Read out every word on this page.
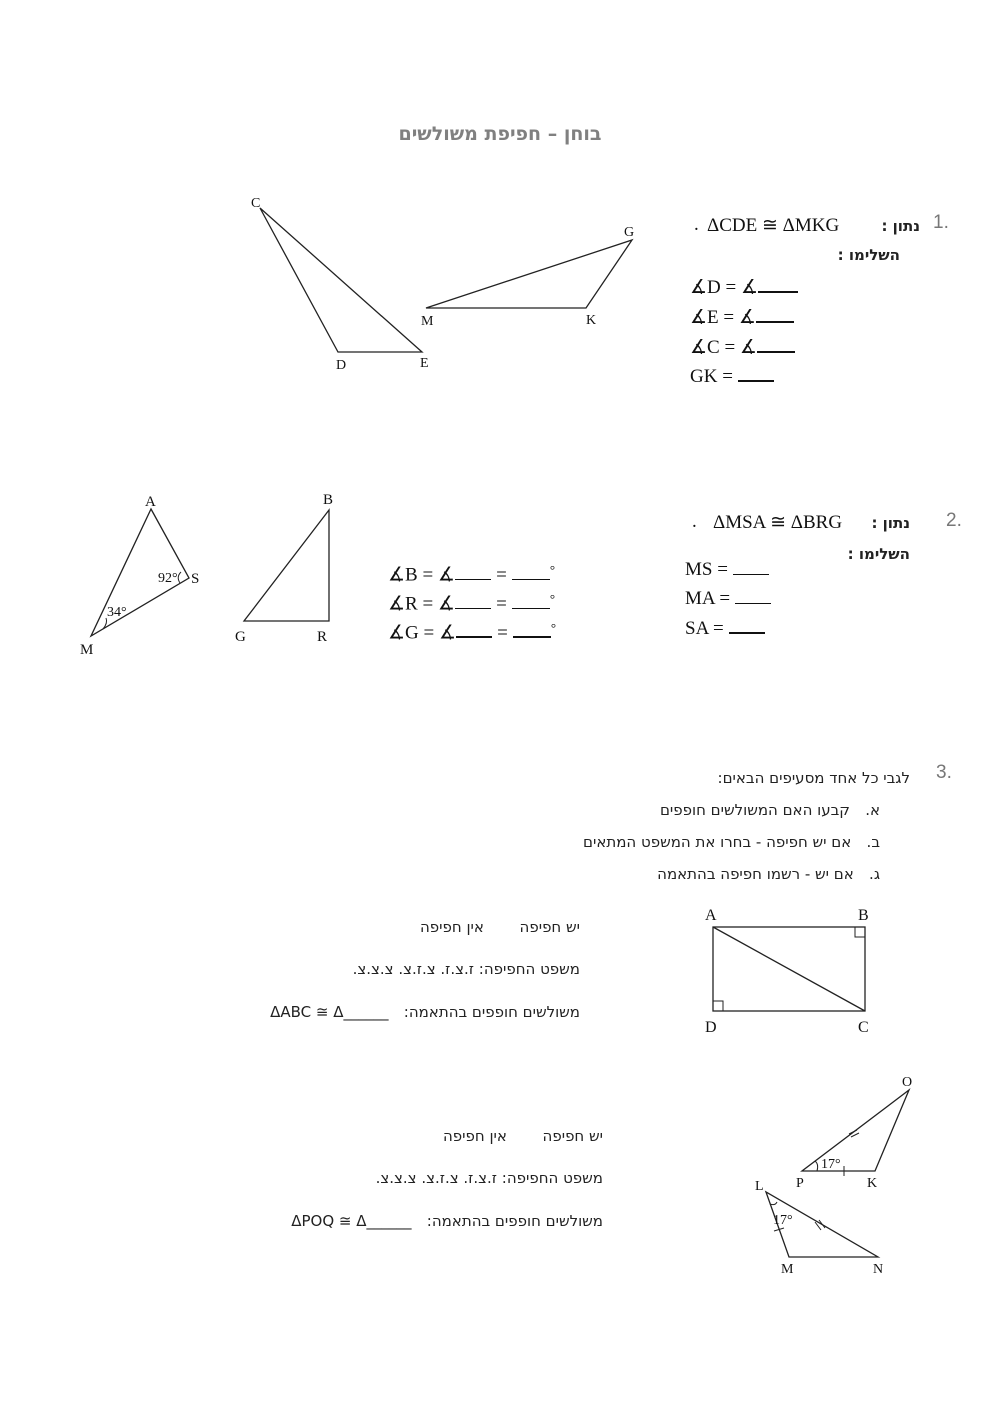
בוחן – חפיפת משולשים
1.
נתון :
ΔCDE ≅ ΔMKG
.
השלימו :
∡D = ∡
∡E = ∡
∡C = ∡
GK =
C
D	E
M	K
G
2.
נתון :
ΔMSA ≅ ΔBRG
.
השלימו :
MS =
MA =
SA =
∡B = ∡ =	°
∡R = ∡ =	°
∡G = ∡ =	°
A
S
M
92°
34°
B
G	R
3.
לגבי כל אחד מסעיפים הבאים:
א.   קבעו האם המשולשים חופפים
ב.   אם יש חפיפה - בחרו את המשפט המתאים
ג.   אם יש - רשמו חפיפה בהתאמה
יש חפיפה       אין חפיפה
משפט החפיפה: ז.צ.ז. צ.ז.צ. צ.צ.צ.
משולשים חופפים בהתאמה:   ΔABC ≅ Δ______
A	B
C
D
יש חפיפה       אין חפיפה
משפט החפיפה: ז.צ.ז. צ.ז.צ. צ.צ.צ.
משולשים חופפים בהתאמה:   ΔPOQ ≅ Δ______
O
P	K
17°
L
M	N
17°
